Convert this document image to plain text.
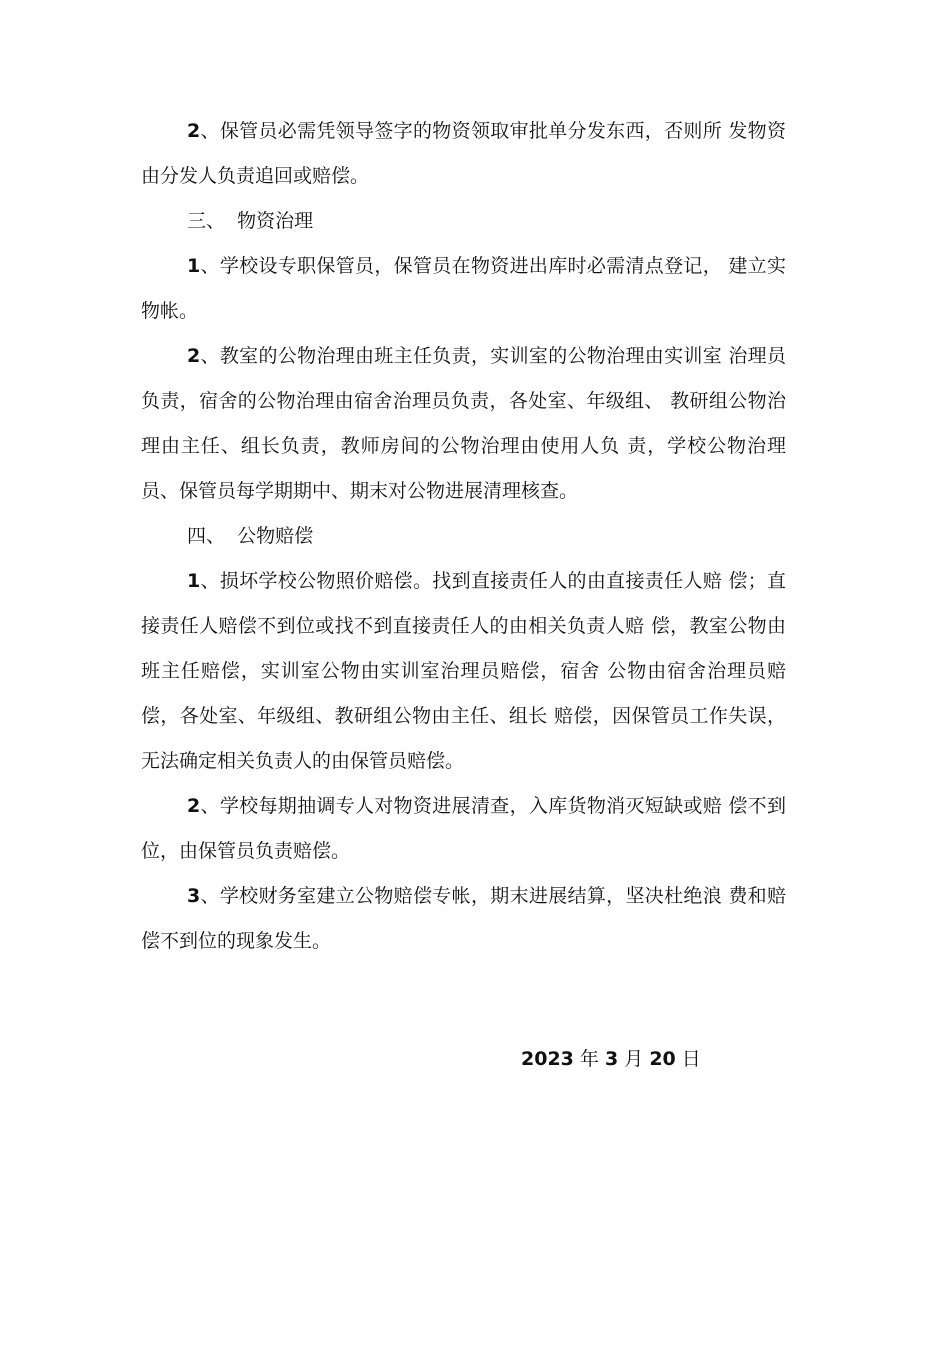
2、保管员必需凭领导签字的物资领取审批单分发东西，否则所 发物资由分发人负责追回或赔偿。

三、  物资治理

1、学校设专职保管员，保管员在物资进出库时必需清点登记， 建立实物帐。

2、教室的公物治理由班主任负责，实训室的公物治理由实训室 治理员负责，宿舍的公物治理由宿舍治理员负责，各处室、年级组、 教研组公物治理由主任、组长负责，教师房间的公物治理由使用人负 责，学校公物治理员、保管员每学期期中、期末对公物进展清理核查。

四、  公物赔偿

1、损坏学校公物照价赔偿。找到直接责任人的由直接责任人赔 偿；直接责任人赔偿不到位或找不到直接责任人的由相关负责人赔 偿，教室公物由班主任赔偿，实训室公物由实训室治理员赔偿，宿舍 公物由宿舍治理员赔偿，各处室、年级组、教研组公物由主任、组长 赔偿，因保管员工作失误，无法确定相关负责人的由保管员赔偿。

2、学校每期抽调专人对物资进展清查，入库货物消灭短缺或赔 偿不到位，由保管员负责赔偿。

3、学校财务室建立公物赔偿专帐，期末进展结算，坚决杜绝浪 费和赔偿不到位的现象发生。

2023 年 3 月 20 日
